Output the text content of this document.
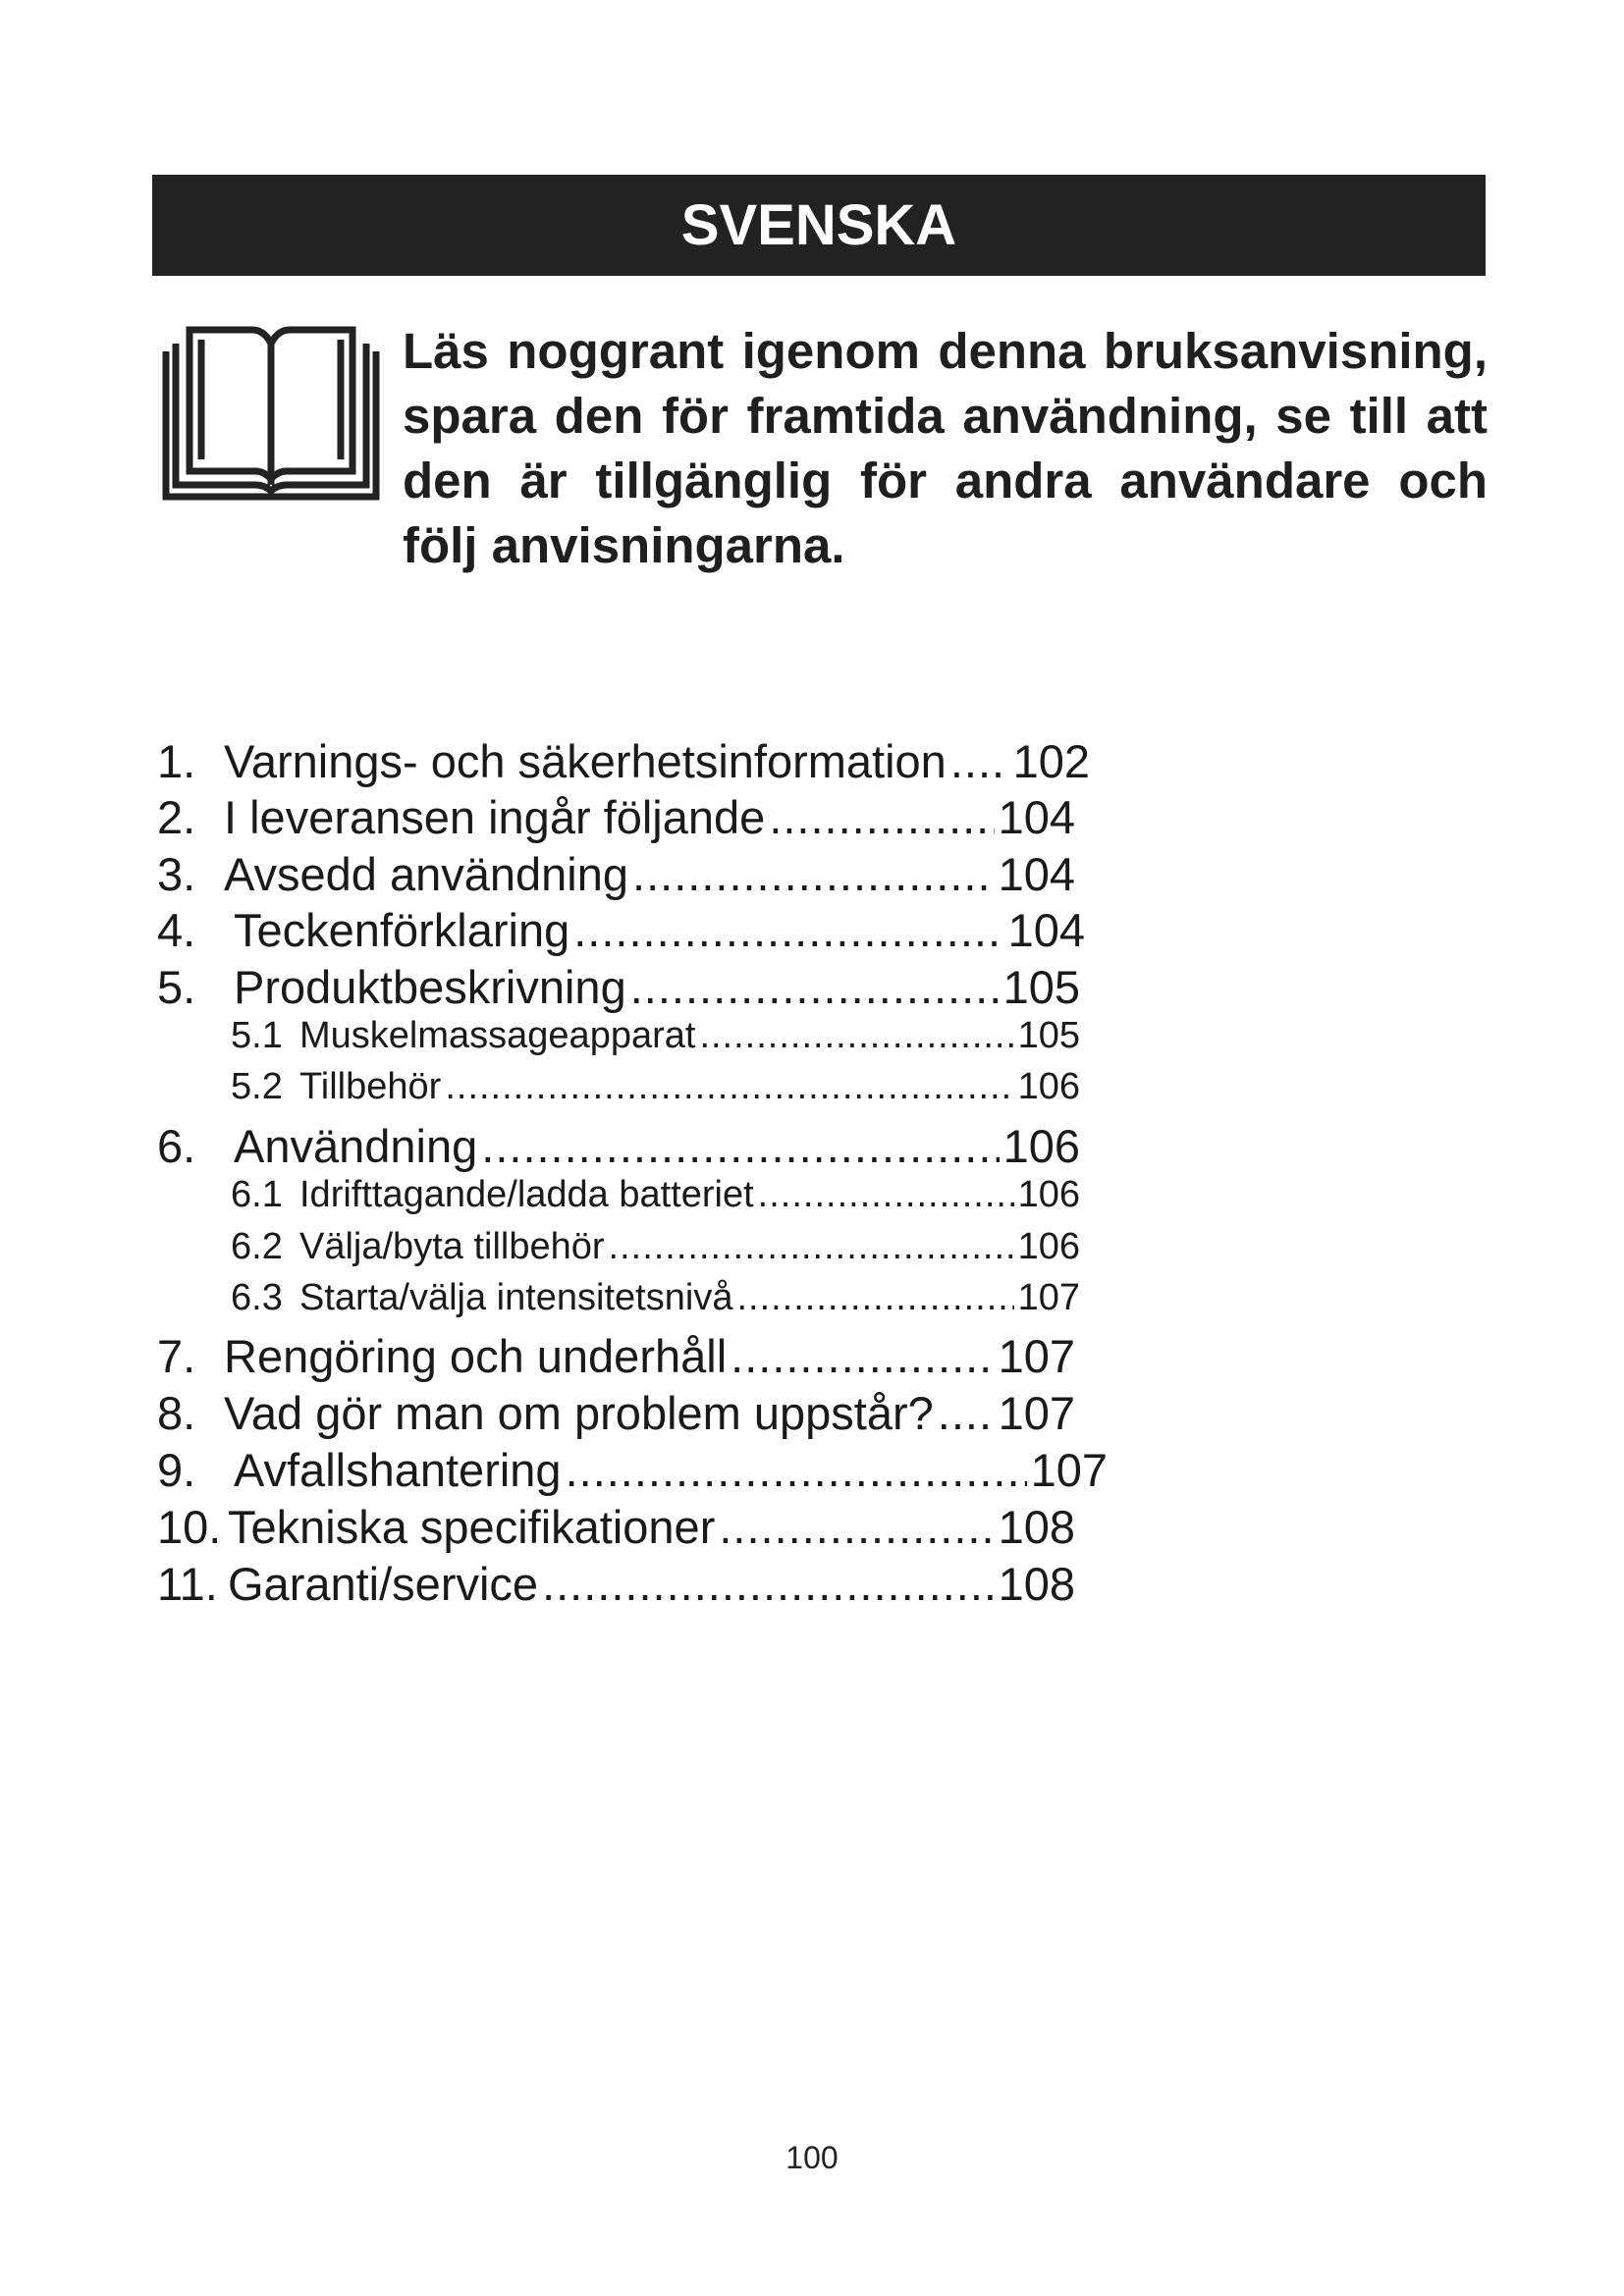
SVENSKA
Läs noggrant igenom denna bruksanvisning, spara den för framtida användning, se till att den är tillgänglig för andra användare och följ anvisningarna.
1. Varnings- och säkerhetsinformation ..... 102
2. I leveransen ingår följande .....	104
3. Avsedd användning .....	104
4. Teckenförklaring .....	104
5. Produktbeskrivning .....	105
5.1 Muskelmassageapparat .....	105
5.2 Tillbehör .....	106
6. Användning .....	106
6.1 Idrifttagande/ladda batteriet .....	106
6.2 Välja/byta tillbehör .....	106
6.3 Starta/välja intensitetsnivå .....	107
7. Rengöring och underhåll .....	107
8. Vad gör man om problem uppstår? ..... 107
9. Avfallshantering .....	107
10. Tekniska specifikationer .....	108
11. Garanti/service .....	108
100
